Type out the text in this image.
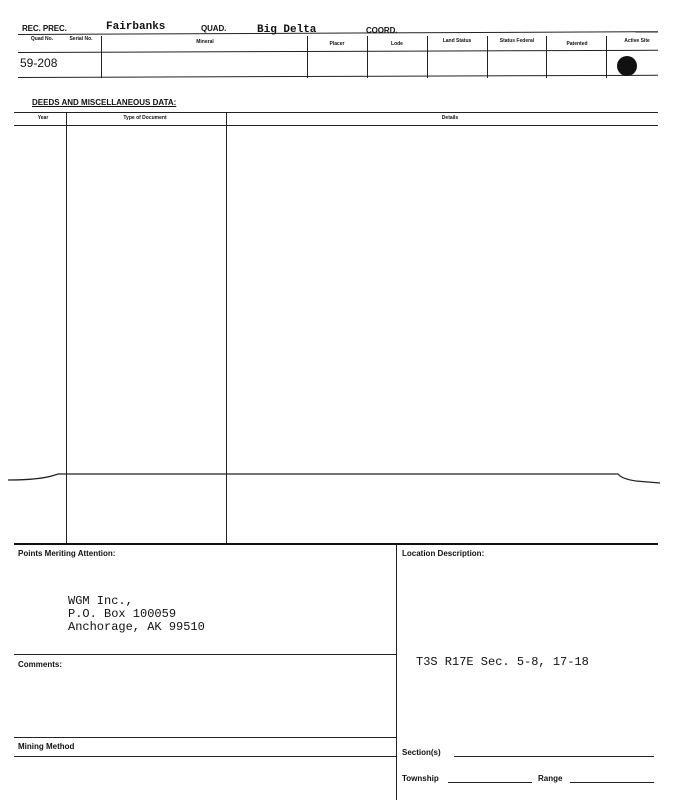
REC. PREC.	Fairbanks	QUAD.	Big Delta	COORD.
Quad No.	Serial No.	Mineral	Placer	Lode	Land Status	Status Federal	Patented	Active Site
59-208
DEEDS AND MISCELLANEOUS DATA:
Year	Type of Document	Details
Points Meriting Attention:
WGM Inc.,
P.O. Box 100059
Anchorage, AK 99510
Location Description:
T3S R17E Sec. 5-8, 17-18
Comments:
Mining Method
Section(s)
Township	Range
